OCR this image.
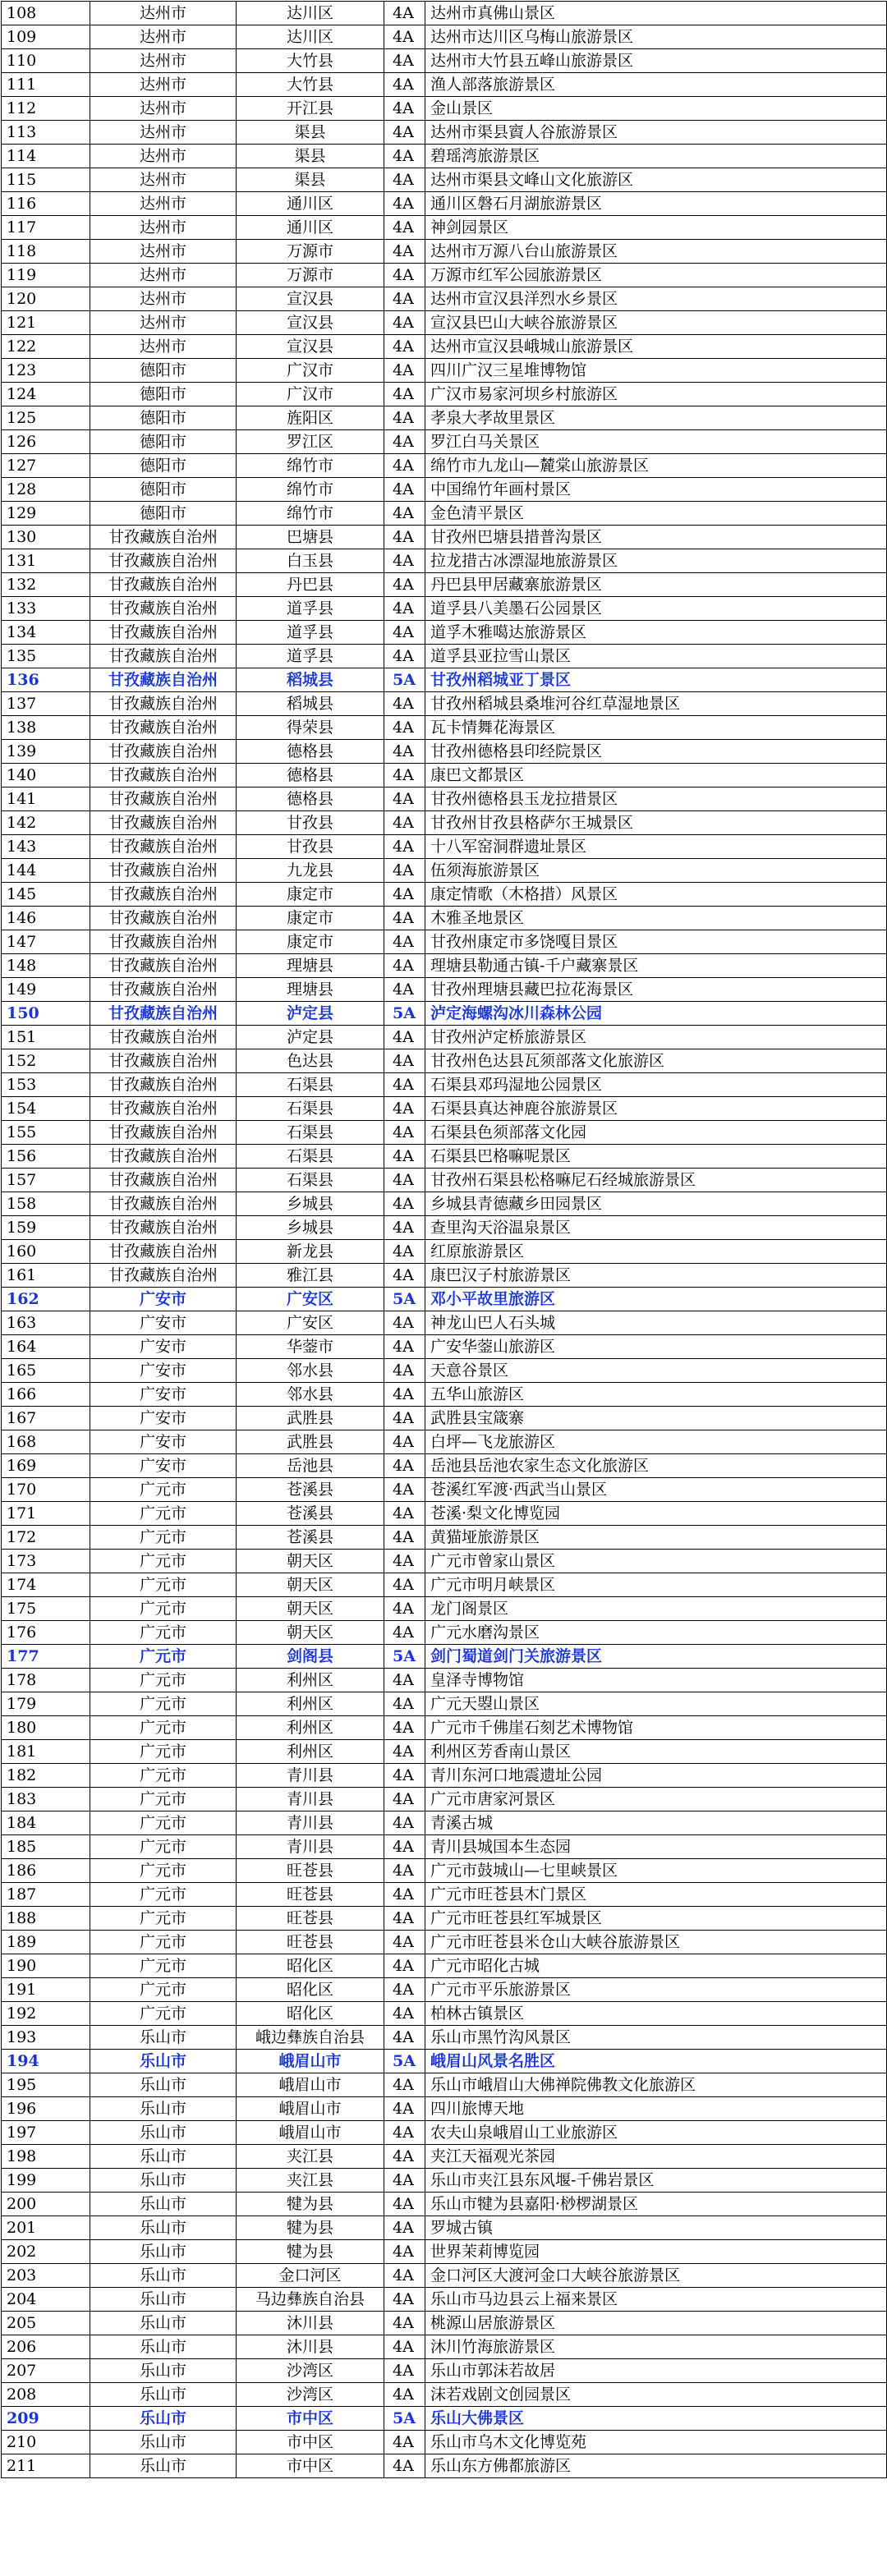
108	达州市	达川区	4A	达州市真佛山景区
109	达州市	达川区	4A	达州市达川区乌梅山旅游景区
110	达州市	大竹县	4A	达州市大竹县五峰山旅游景区
111	达州市	大竹县	4A	渔人部落旅游景区
112	达州市	开江县	4A	金山景区
113	达州市	渠县	4A	达州市渠县賨人谷旅游景区
114	达州市	渠县	4A	碧瑶湾旅游景区
115	达州市	渠县	4A	达州市渠县文峰山文化旅游区
116	达州市	通川区	4A	通川区磐石月湖旅游景区
117	达州市	通川区	4A	神剑园景区
118	达州市	万源市	4A	达州市万源八台山旅游景区
119	达州市	万源市	4A	万源市红军公园旅游景区
120	达州市	宣汉县	4A	达州市宣汉县洋烈水乡景区
121	达州市	宣汉县	4A	宣汉县巴山大峡谷旅游景区
122	达州市	宣汉县	4A	达州市宣汉县峨城山旅游景区
123	德阳市	广汉市	4A	四川广汉三星堆博物馆
124	德阳市	广汉市	4A	广汉市易家河坝乡村旅游区
125	德阳市	旌阳区	4A	孝泉大孝故里景区
126	德阳市	罗江区	4A	罗江白马关景区
127	德阳市	绵竹市	4A	绵竹市九龙山—麓棠山旅游景区
128	德阳市	绵竹市	4A	中国绵竹年画村景区
129	德阳市	绵竹市	4A	金色清平景区
130	甘孜藏族自治州	巴塘县	4A	甘孜州巴塘县措普沟景区
131	甘孜藏族自治州	白玉县	4A	拉龙措古冰漂湿地旅游景区
132	甘孜藏族自治州	丹巴县	4A	丹巴县甲居藏寨旅游景区
133	甘孜藏族自治州	道孚县	4A	道孚县八美墨石公园景区
134	甘孜藏族自治州	道孚县	4A	道孚木雅噶达旅游景区
135	甘孜藏族自治州	道孚县	4A	道孚县亚拉雪山景区
136	甘孜藏族自治州	稻城县	5A	甘孜州稻城亚丁景区
137	甘孜藏族自治州	稻城县	4A	甘孜州稻城县桑堆河谷红草湿地景区
138	甘孜藏族自治州	得荣县	4A	瓦卡情舞花海景区
139	甘孜藏族自治州	德格县	4A	甘孜州德格县印经院景区
140	甘孜藏族自治州	德格县	4A	康巴文都景区
141	甘孜藏族自治州	德格县	4A	甘孜州德格县玉龙拉措景区
142	甘孜藏族自治州	甘孜县	4A	甘孜州甘孜县格萨尔王城景区
143	甘孜藏族自治州	甘孜县	4A	十八军窑洞群遗址景区
144	甘孜藏族自治州	九龙县	4A	伍须海旅游景区
145	甘孜藏族自治州	康定市	4A	康定情歌（木格措）风景区
146	甘孜藏族自治州	康定市	4A	木雅圣地景区
147	甘孜藏族自治州	康定市	4A	甘孜州康定市多饶嘎目景区
148	甘孜藏族自治州	理塘县	4A	理塘县勒通古镇-千户藏寨景区
149	甘孜藏族自治州	理塘县	4A	甘孜州理塘县藏巴拉花海景区
150	甘孜藏族自治州	泸定县	5A	泸定海螺沟冰川森林公园
151	甘孜藏族自治州	泸定县	4A	甘孜州泸定桥旅游景区
152	甘孜藏族自治州	色达县	4A	甘孜州色达县瓦须部落文化旅游区
153	甘孜藏族自治州	石渠县	4A	石渠县邓玛湿地公园景区
154	甘孜藏族自治州	石渠县	4A	石渠县真达神鹿谷旅游景区
155	甘孜藏族自治州	石渠县	4A	石渠县色须部落文化园
156	甘孜藏族自治州	石渠县	4A	石渠县巴格嘛呢景区
157	甘孜藏族自治州	石渠县	4A	甘孜州石渠县松格嘛尼石经城旅游景区
158	甘孜藏族自治州	乡城县	4A	乡城县青德藏乡田园景区
159	甘孜藏族自治州	乡城县	4A	查里沟天浴温泉景区
160	甘孜藏族自治州	新龙县	4A	红原旅游景区
161	甘孜藏族自治州	雅江县	4A	康巴汉子村旅游景区
162	广安市	广安区	5A	邓小平故里旅游区
163	广安市	广安区	4A	神龙山巴人石头城
164	广安市	华蓥市	4A	广安华蓥山旅游区
165	广安市	邻水县	4A	天意谷景区
166	广安市	邻水县	4A	五华山旅游区
167	广安市	武胜县	4A	武胜县宝箴寨
168	广安市	武胜县	4A	白坪—飞龙旅游区
169	广安市	岳池县	4A	岳池县岳池农家生态文化旅游区
170	广元市	苍溪县	4A	苍溪红军渡·西武当山景区
171	广元市	苍溪县	4A	苍溪·梨文化博览园
172	广元市	苍溪县	4A	黄猫垭旅游景区
173	广元市	朝天区	4A	广元市曾家山景区
174	广元市	朝天区	4A	广元市明月峡景区
175	广元市	朝天区	4A	龙门阁景区
176	广元市	朝天区	4A	广元水磨沟景区
177	广元市	剑阁县	5A	剑门蜀道剑门关旅游景区
178	广元市	利州区	4A	皇泽寺博物馆
179	广元市	利州区	4A	广元天曌山景区
180	广元市	利州区	4A	广元市千佛崖石刻艺术博物馆
181	广元市	利州区	4A	利州区芳香南山景区
182	广元市	青川县	4A	青川东河口地震遗址公园
183	广元市	青川县	4A	广元市唐家河景区
184	广元市	青川县	4A	青溪古城
185	广元市	青川县	4A	青川县城国本生态园
186	广元市	旺苍县	4A	广元市鼓城山—七里峡景区
187	广元市	旺苍县	4A	广元市旺苍县木门景区
188	广元市	旺苍县	4A	广元市旺苍县红军城景区
189	广元市	旺苍县	4A	广元市旺苍县米仓山大峡谷旅游景区
190	广元市	昭化区	4A	广元市昭化古城
191	广元市	昭化区	4A	广元市平乐旅游景区
192	广元市	昭化区	4A	柏林古镇景区
193	乐山市	峨边彝族自治县	4A	乐山市黑竹沟风景区
194	乐山市	峨眉山市	5A	峨眉山风景名胜区
195	乐山市	峨眉山市	4A	乐山市峨眉山大佛禅院佛教文化旅游区
196	乐山市	峨眉山市	4A	四川旅博天地
197	乐山市	峨眉山市	4A	农夫山泉峨眉山工业旅游区
198	乐山市	夹江县	4A	夹江天福观光茶园
199	乐山市	夹江县	4A	乐山市夹江县东风堰-千佛岩景区
200	乐山市	犍为县	4A	乐山市犍为县嘉阳·桫椤湖景区
201	乐山市	犍为县	4A	罗城古镇
202	乐山市	犍为县	4A	世界茉莉博览园
203	乐山市	金口河区	4A	金口河区大渡河金口大峡谷旅游景区
204	乐山市	马边彝族自治县	4A	乐山市马边县云上福来景区
205	乐山市	沐川县	4A	桃源山居旅游景区
206	乐山市	沐川县	4A	沐川竹海旅游景区
207	乐山市	沙湾区	4A	乐山市郭沫若故居
208	乐山市	沙湾区	4A	沫若戏剧文创园景区
209	乐山市	市中区	5A	乐山大佛景区
210	乐山市	市中区	4A	乐山市乌木文化博览苑
211	乐山市	市中区	4A	乐山东方佛都旅游区
